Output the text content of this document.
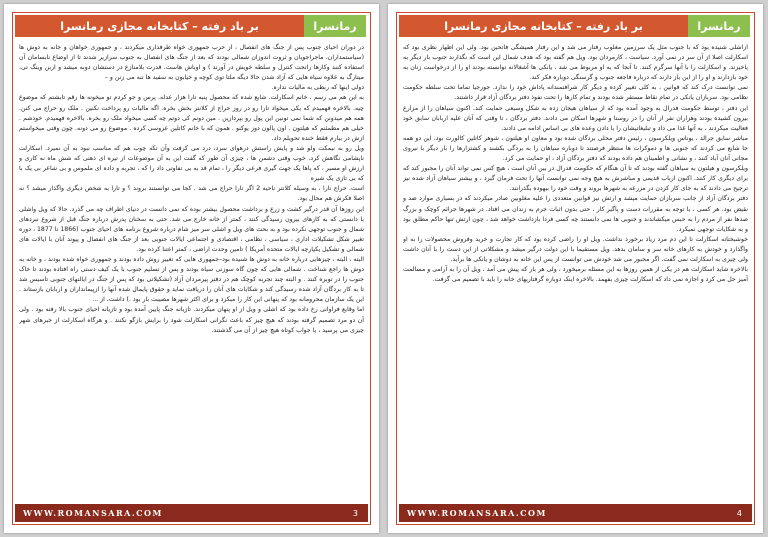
بر باد رفته – کتابخانه مجازی رمانسرا	رمانسرا

در دوران احیای جنوب پس از جنگ های انفصال ، از حزب جمهوری خواه طرفداری میکردند ، و جمهوری خواهان و خانه به دوش ها (سیاستمداران، ماجراجویان و ثروت اندوزان شمالی بودند که بعد از جنگ های انفصال به جنوب سرازیر شدند تا از اوضاع نابسامان آن استفاده کنند وکارها راتحت کنترل و سلطه خویش در آورند ) و اوباش هاست. قدرت بلامنازع در دستشان دوبه میشد و اربن وینگ تی، میتارگ به علاوه سیاه هایی که آزاد شدن حالا دیگه ملتا توی کوچه و خیابون به سفید ها تنه می زنن و –

دولی اینها که ربطی به مالیات نداره.

به این هم می رسم ، خانم اسکارلت. شایع شده که محصول پنبه تارا هزار عدله. پرس و جو کردم تو میخونه ها رقم تابشتم که موضوع چیه. بالاخره فهمیدم که یکی میخواد تارا رو در روز حراج از کلانتر بخش بخره. اگه مالیات رو پرداخت نکنین . ملک رو حراج می کنن. همه هم میدونن که شما نمی تونین این پول رو بپردازین . مین دونم کی دوتم چه کسی میخواد ملک رو بخره. بالاخره فهمیدم. خودشم . خیلی هم مطمئنم که هیلتون . اون پالون دوز یوکنو . همون که با خانم کاتلین عروسی کرده . موضوع رو می دونه. چون وقتی میخواستم ازش در بیارم فقط خنده تحویلم داد.

ویل رو به نیمکت ولو شد و پایش راستش درهوای سرد، درد می کرفت وآن تکه چوب هم که مناسب نبود به آن نمیرد. اسکارلت ناپشامی نگاهش کرد. خوب وقتی دشمن ها ، چیزی آن طور که گفت این به آن موضوعات از تیره ای ذهنی که شش ماه نه کاری و ارزش او مسیر ، که پاها یک جهت گیری فرعی دیگر را ، تمام قد به بی تفاوتی داد را که ، تجربه و داده ای ملموس و بی شاعر بی یک با که بی تازی یک شیره

است. حراج تارا ، به وسیله کلانتر ناحیه 2 اگر تارا حراج می شد . کجا می توانستند بروند ؟ و تارا به شخص دیگری واگذار میشد ؟ نه اصلا فکرش هم محال بود.

این روزها آن قدر درگیر کشت و زرع و برداشت محصول بیشتر بوده که نمی دانست در دنیای اطراف چه می گذرد. حالا که ویل واشلی با دانستی که به کارهای بیرون رسیدگی کنند ، کمتر از خانه خارج می شد. حتی به سخنان پدرش درباره جنگ قبل از شروع نبردهای شمال و جنوب توجهی نکرده بود و به بحث های ویل و اشلی سر میز شام درباره شروع برنامه های احیای جنوب (1866 تا 1877 ، دوره تغییر شکل تشکیلات اداری ، سیاسی ، نظامی ، اقتصادی و اجتماعی ایالات جنوبی بعد از جنگ های انفصال و پیوند آنان با ایالات های شمالی و تشکیل یکپارچه ایالات متحده آمریکا ) تامین وحدت اراضی ، کمتر اعتنا کرده بود.

البته ، البته ، چیزهایی درباره خانه به دوش ها شنیده بود–جمهوری هایی که تغییر روش داده بودند و جمهوری خواه شده بودند ، و خانه به دوش ها راجع شناخت . شمالی هایی که چون گاه سوزنی سیاه بودند و پس از تسلیم جنوب با یک کیف دستی راه افتاده بودند تا خاک جنوب را در توبره کنند . و البته چند تجربه کوچک هم در دفتر پیرمردان آزاد (تشکیلاتی بود که پس از جنگ در ایالتهای جنوبی تاسیس شد تا به کار بردگان آزاد شده رسیدگی کند و شکایات های آنان را دریافت نماید و حقوق پایمال شده آنها را ازپیمانداران و اربابان بازستاند . این یک سازمان محرومانه بود که پنهانی این کار را میکرد و برای اکثر شهرها مصیبت بار بود .) داشت، از ...

اما وقایع فراوانی رخ داده بود که اشلی و ویل از او پنهان میکردند. تازیانه جنگ پایین آمده بود و تازیانه احیای جنوب بالا رفته بود . ولی آن دو مرد تصمیم گرفته بودند که هیچ چیز که باعث نگرانی اسکارلت شود را برایش بازگو نکنند . و هرگاه اسکارلت از خبرهای شهر چیزی می پرسید ، با جواب کوتاه هیچ چیز از آن می گذشتند.

WWW.ROMANSARA.COM	3
بر باد رفته – کتابخانه مجازی رمانسرا	رمانسرا

ازاشلی شنیده بود که با جنوب مثل یک سرزمین مغلوب رفتار می شد و این رفتار همیشگی فاتحین بود. ولی این اظهار نظری بود که اسکارلت اصلا از آن سر در نمی آورد. سیاست ، کارمردان بود. ویل هم گفته بود که هدف شمال این است که نگذارند جنوب بار دیگر به پاخیزند. و اسکارلت را با آنها سرگرم کنند. تا آنجا که به او مربوط می شد ، یانکی ها آشغالانه توانسته بودند او را از درخواست زنان به خود بازدارند و او را از این باز دارند که درباره فاجعه جنوب و گرسنگی دوباره فکر کند.

نمی توانست درک کند که قوانین ، به کلی تغییر کرده و دیگر کار شرافتمندانه پاداش خود را ندارد. جورجیا تماما تحت سلطه حکومت نظامی بود. سربازان یانکی در تمام نقاط مستقر شده بودند و تمام کارها را تحت نفوذ دفتر بردگان آزاد قرار داشتند.

این دفتر ، توسط حکومت فدرال به وجود آمده بود که از سیاهان هیجان زده به شکل وسیعی حمایت کند. اکنون سیاهان را از مزارع بیرون کشیده بودند وهزاران نفر از آنان را در روستا و شهرها اسکان می دادند. دفتر بردگان ، تا وقتی که آنان علیه اربابان سابق خود فعالیت میکردند ، به آنها غذا می داد و تبلیغاتیشان را با دادن وعده های بی اساس ادامه می دادند.

مباشر سابق جرالد ، یوناس ویلکرسون ، رئیس دفتر محلی بردگان شده بود و معاون او هیلتون ، شوهر کاتلین کالورت بود. این دو همه جا شایع می کردند که جنوبی ها و دموکرات ها منتظر فرصتند تا دوباره سیاهان را به بردگی بکشند و کشتزارها را بار دیگر با نیروی مجانی آنان آباد کنند ، و نشانی و اطمینان هم داده بودند که دفتر بردگان آزاد ، او حمایت می کرد.

ویلکرسون و هیلتون به سیاهان گفته بودند که تا آن هنگام که حکومت فدرال در بین آنان است ، هیچ کس نمی تواند آنان را مجبور کند که برای دیگری کار کنند. اکنون ارباب قدیمی و مباشرش به هیچ وجه نمی توانست آنها را تحت فرمان گیرد ، و بیشتر سیاهان آزاد شده نیز ترجیح می دادند که به جای کار کردن در مزرعه به شهرها بروند و وقت خود را بیهوده بگذرانند.

دفتر بردگان آزاد از جانب سربازان حمایت میشد و ارتش نیز قوانین متعددی را علیه مغلوبین صادر میکردند که در بسیاری موارد ضد و نقیض بود. هر کسی ، با توجه به مقررات دست و پاگیر کار ، حتی بدون اثبات جرم به زندان می افتاد. در شهرها جرائم کوچک و بزرگ صدها نفر از مردم را به حبس میکشاندند و جنوبی ها نمی دانستند چه کسی فردا بازداشت خواهد شد ، چون ارتش تنها حاکم مطلق بود و به شکایات توجهی نمیکرد.

خوشبختانه اسکارلت تا این دم مرد زیاد برخورد نداشت. ویل او را راضی کرده بود که کار تجارت و خرید وفروش محصولات را به او واگذارد و خودش به کارهای خانه سر و سامان بدهد. ویل مستقیما با این دولت درگیر میشد و مشکلاتی از این دست را با آنان داشت ولی چیزی به اسکارلت نمی گفت. اگر مجبور می شد خودش می توانست از پس این خانه به دوشان و یانکی ها برآید.

بالاخره شاید اسکارلت هم در یکی از همین روزها به این مسئله برمیخورد ، ولی هر بار که پیش می آمد ، ویل آن را به آرامی و مسالمت آمیز حل می کرد و اجازه نمی داد که اسکارلت چیزی بفهمد. بالاخره اینک دوباره گرفتاریهای خانه را باید با تصمیم می گرفت.

WWW.ROMANSARA.COM	4
